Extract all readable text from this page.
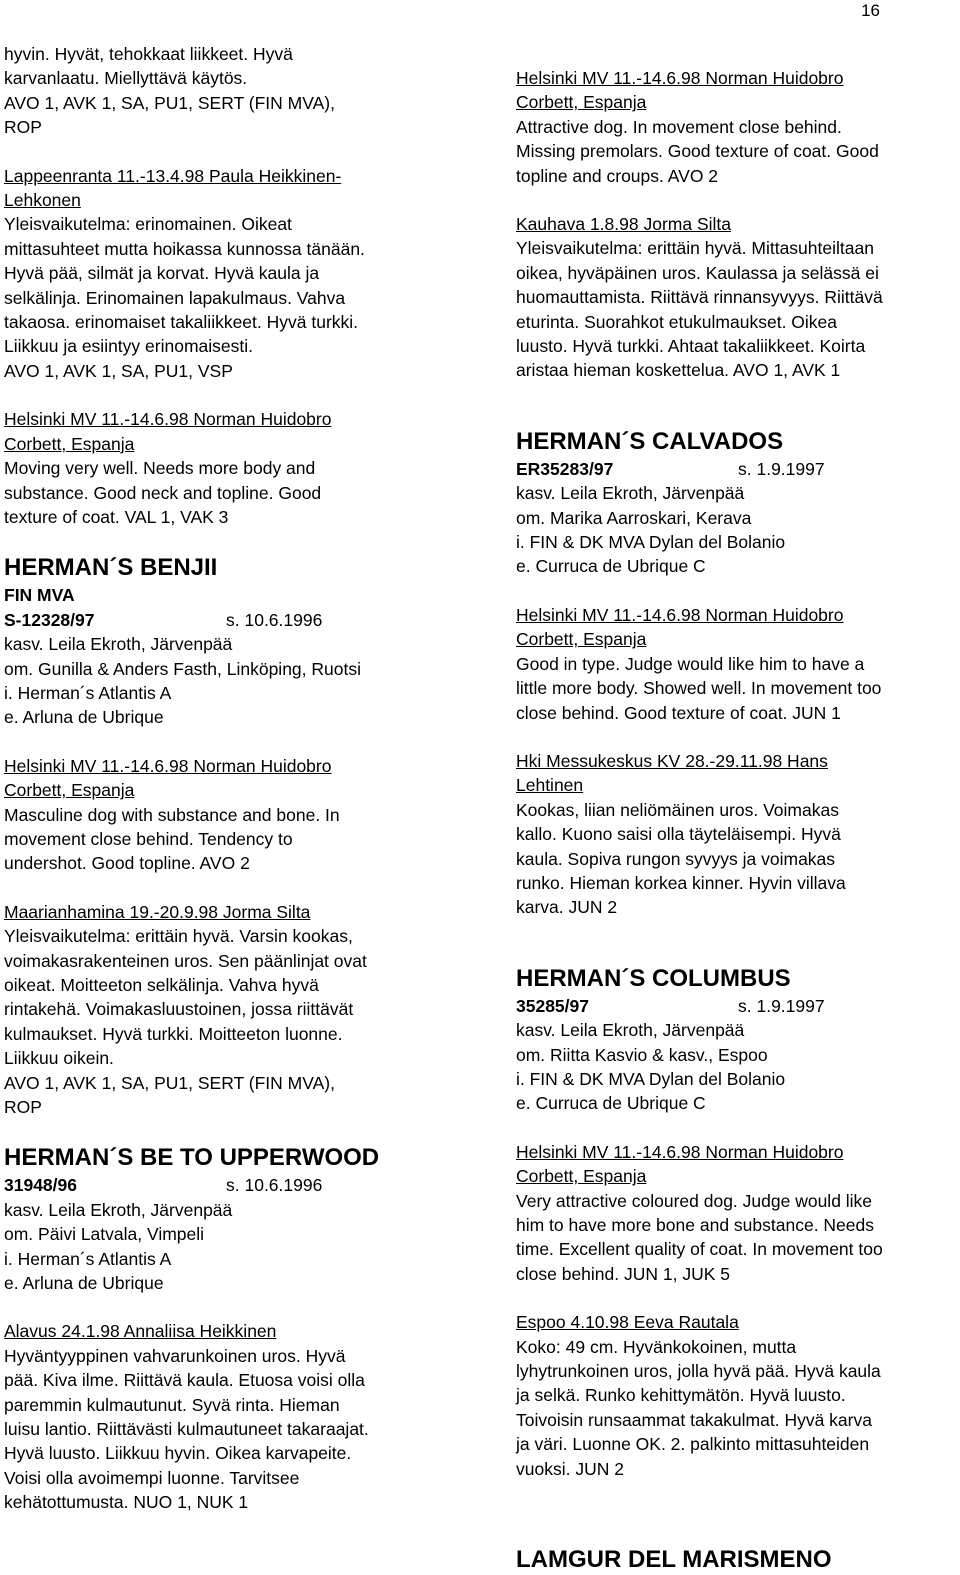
16
hyvin. Hyvät, tehokkaat liikkeet. Hyvä
karvanlaatu. Miellyttävä käytös.
AVO 1, AVK 1, SA, PU1, SERT (FIN MVA),
ROP
Lappeenranta 11.-13.4.98 Paula Heikkinen-
Lehkonen
Yleisvaikutelma: erinomainen. Oikeat
mittasuhteet mutta hoikassa kunnossa tänään.
Hyvä pää, silmät ja korvat. Hyvä kaula ja
selkälinja. Erinomainen lapakulmaus. Vahva
takaosa. erinomaiset takaliikkeet. Hyvä turkki.
Liikkuu ja esiintyy erinomaisesti.
AVO 1, AVK 1, SA, PU1, VSP
Helsinki MV 11.-14.6.98 Norman Huidobro
Corbett, Espanja
Moving very well. Needs more body and
substance. Good neck and topline. Good
texture of coat. VAL 1, VAK 3
HERMAN´S BENJII
FIN MVA
S-12328/97	s. 10.6.1996
kasv. Leila Ekroth, Järvenpää
om. Gunilla & Anders Fasth, Linköping, Ruotsi
i. Herman´s Atlantis A
e. Arluna de Ubrique
Helsinki MV 11.-14.6.98 Norman Huidobro
Corbett, Espanja
Masculine dog with substance and bone. In
movement close behind. Tendency to
undershot. Good topline. AVO 2
Maarianhamina 19.-20.9.98 Jorma Silta
Yleisvaikutelma: erittäin hyvä. Varsin kookas,
voimakasrakenteinen uros. Sen päänlinjat ovat
oikeat. Moitteeton selkälinja. Vahva hyvä
rintakehä. Voimakasluustoinen, jossa riittävät
kulmaukset. Hyvä turkki. Moitteeton luonne.
Liikkuu oikein.
AVO 1, AVK 1, SA, PU1, SERT (FIN MVA),
ROP
HERMAN´S BE TO UPPERWOOD
31948/96	s. 10.6.1996
kasv. Leila Ekroth, Järvenpää
om. Päivi Latvala, Vimpeli
i. Herman´s Atlantis A
e. Arluna de Ubrique
Alavus 24.1.98 Annaliisa Heikkinen
Hyväntyyppinen vahvarunkoinen uros. Hyvä
pää. Kiva ilme. Riittävä kaula. Etuosa voisi olla
paremmin kulmautunut. Syvä rinta. Hieman
luisu lantio. Riittävästi kulmautuneet takaraajat.
Hyvä luusto. Liikkuu hyvin. Oikea karvapeite.
Voisi olla avoimempi luonne. Tarvitsee
kehätottumusta. NUO 1, NUK 1
Helsinki MV 11.-14.6.98 Norman Huidobro
Corbett, Espanja
Attractive dog. In movement close behind.
Missing premolars. Good texture of coat. Good
topline and croups. AVO 2
Kauhava 1.8.98 Jorma Silta
Yleisvaikutelma: erittäin hyvä. Mittasuhteiltaan
oikea, hyväpäinen uros. Kaulassa ja selässä ei
huomauttamista. Riittävä rinnansyvyys. Riittävä
eturinta. Suorahkot etukulmaukset. Oikea
luusto. Hyvä turkki. Ahtaat takaliikkeet. Koirta
aristaa hieman koskettelua. AVO 1, AVK 1
HERMAN´S CALVADOS
ER35283/97	s. 1.9.1997
kasv. Leila Ekroth, Järvenpää
om. Marika Aarroskari, Kerava
i. FIN & DK MVA Dylan del Bolanio
e. Curruca de Ubrique C
Helsinki MV 11.-14.6.98 Norman Huidobro
Corbett, Espanja
Good in type. Judge would like him to have a
little more body. Showed well. In movement too
close behind. Good texture of coat. JUN 1
Hki Messukeskus KV 28.-29.11.98 Hans
Lehtinen
Kookas, liian neliömäinen uros. Voimakas
kallo. Kuono saisi olla täyteläisempi. Hyvä
kaula. Sopiva rungon syvyys ja voimakas
runko. Hieman korkea kinner. Hyvin villava
karva. JUN 2
HERMAN´S COLUMBUS
35285/97	s. 1.9.1997
kasv. Leila Ekroth, Järvenpää
om. Riitta Kasvio & kasv., Espoo
i. FIN & DK MVA Dylan del Bolanio
e. Curruca de Ubrique C
Helsinki MV 11.-14.6.98 Norman Huidobro
Corbett, Espanja
Very attractive coloured dog. Judge would like
him to have more bone and substance. Needs
time. Excellent quality of coat. In movement too
close behind. JUN 1, JUK 5
Espoo 4.10.98 Eeva Rautala
Koko: 49 cm. Hyvänkokoinen, mutta
lyhytrunkoinen uros, jolla hyvä pää. Hyvä kaula
ja selkä. Runko kehittymätön. Hyvä luusto.
Toivoisin runsaammat takakulmat. Hyvä karva
ja väri. Luonne OK. 2. palkinto mittasuhteiden
vuoksi. JUN 2
LAMGUR DEL MARISMENO
